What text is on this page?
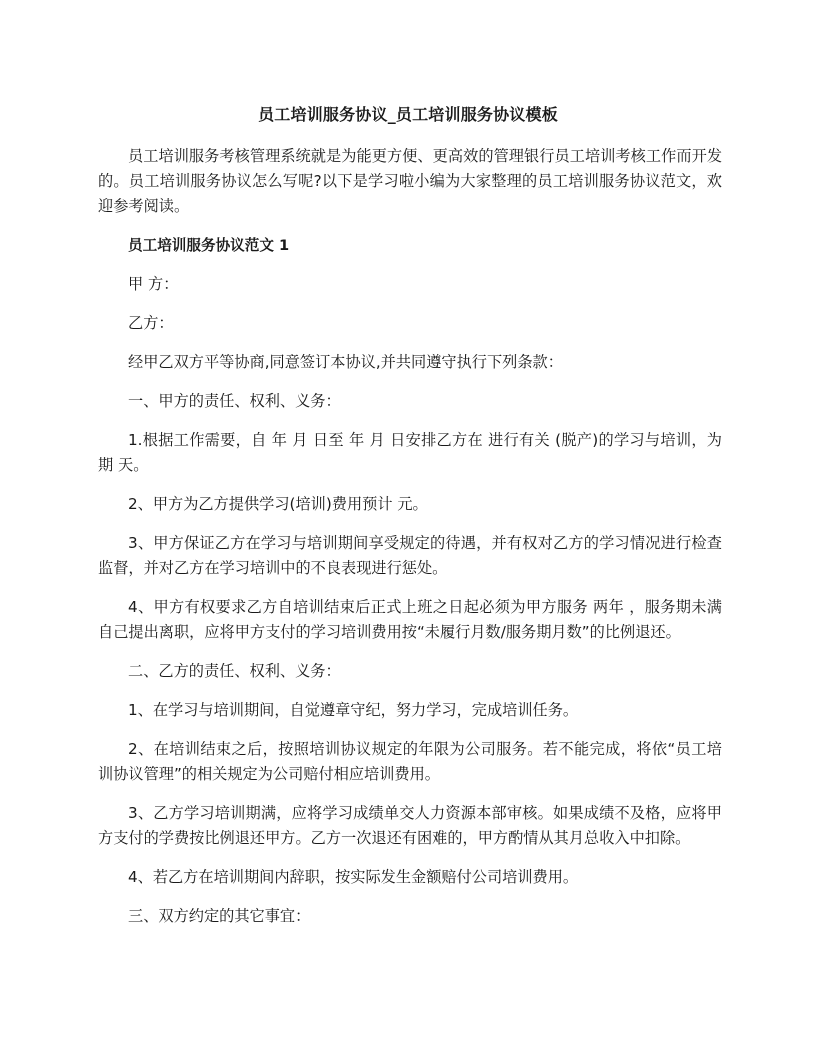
员工培训服务协议_员工培训服务协议模板

员工培训服务考核管理系统就是为能更方便、更高效的管理银行员工培训考核工作而开发的。员工培训服务协议怎么写呢?以下是学习啦小编为大家整理的员工培训服务协议范文，欢迎参考阅读。

员工培训服务协议范文 1

甲 方：

乙方：

经甲乙双方平等协商,同意签订本协议,并共同遵守执行下列条款：

一、甲方的责任、权利、义务：

1.根据工作需要，自 年 月 日至 年 月 日安排乙方在 进行有关 (脱产)的学习与培训，为期 天。

2、甲方为乙方提供学习(培训)费用预计 元。

3、甲方保证乙方在学习与培训期间享受规定的待遇，并有权对乙方的学习情况进行检查监督，并对乙方在学习培训中的不良表现进行惩处。

4、甲方有权要求乙方自培训结束后正式上班之日起必须为甲方服务 两年 ，服务期未满自己提出离职，应将甲方支付的学习培训费用按“未履行月数/服务期月数”的比例退还。

二、乙方的责任、权利、义务：

1、在学习与培训期间，自觉遵章守纪，努力学习，完成培训任务。

2、在培训结束之后，按照培训协议规定的年限为公司服务。若不能完成，将依“员工培训协议管理”的相关规定为公司赔付相应培训费用。

3、乙方学习培训期满，应将学习成绩单交人力资源本部审核。如果成绩不及格，应将甲方支付的学费按比例退还甲方。乙方一次退还有困难的，甲方酌情从其月总收入中扣除。

4、若乙方在培训期间内辞职，按实际发生金额赔付公司培训费用。

三、双方约定的其它事宜：
